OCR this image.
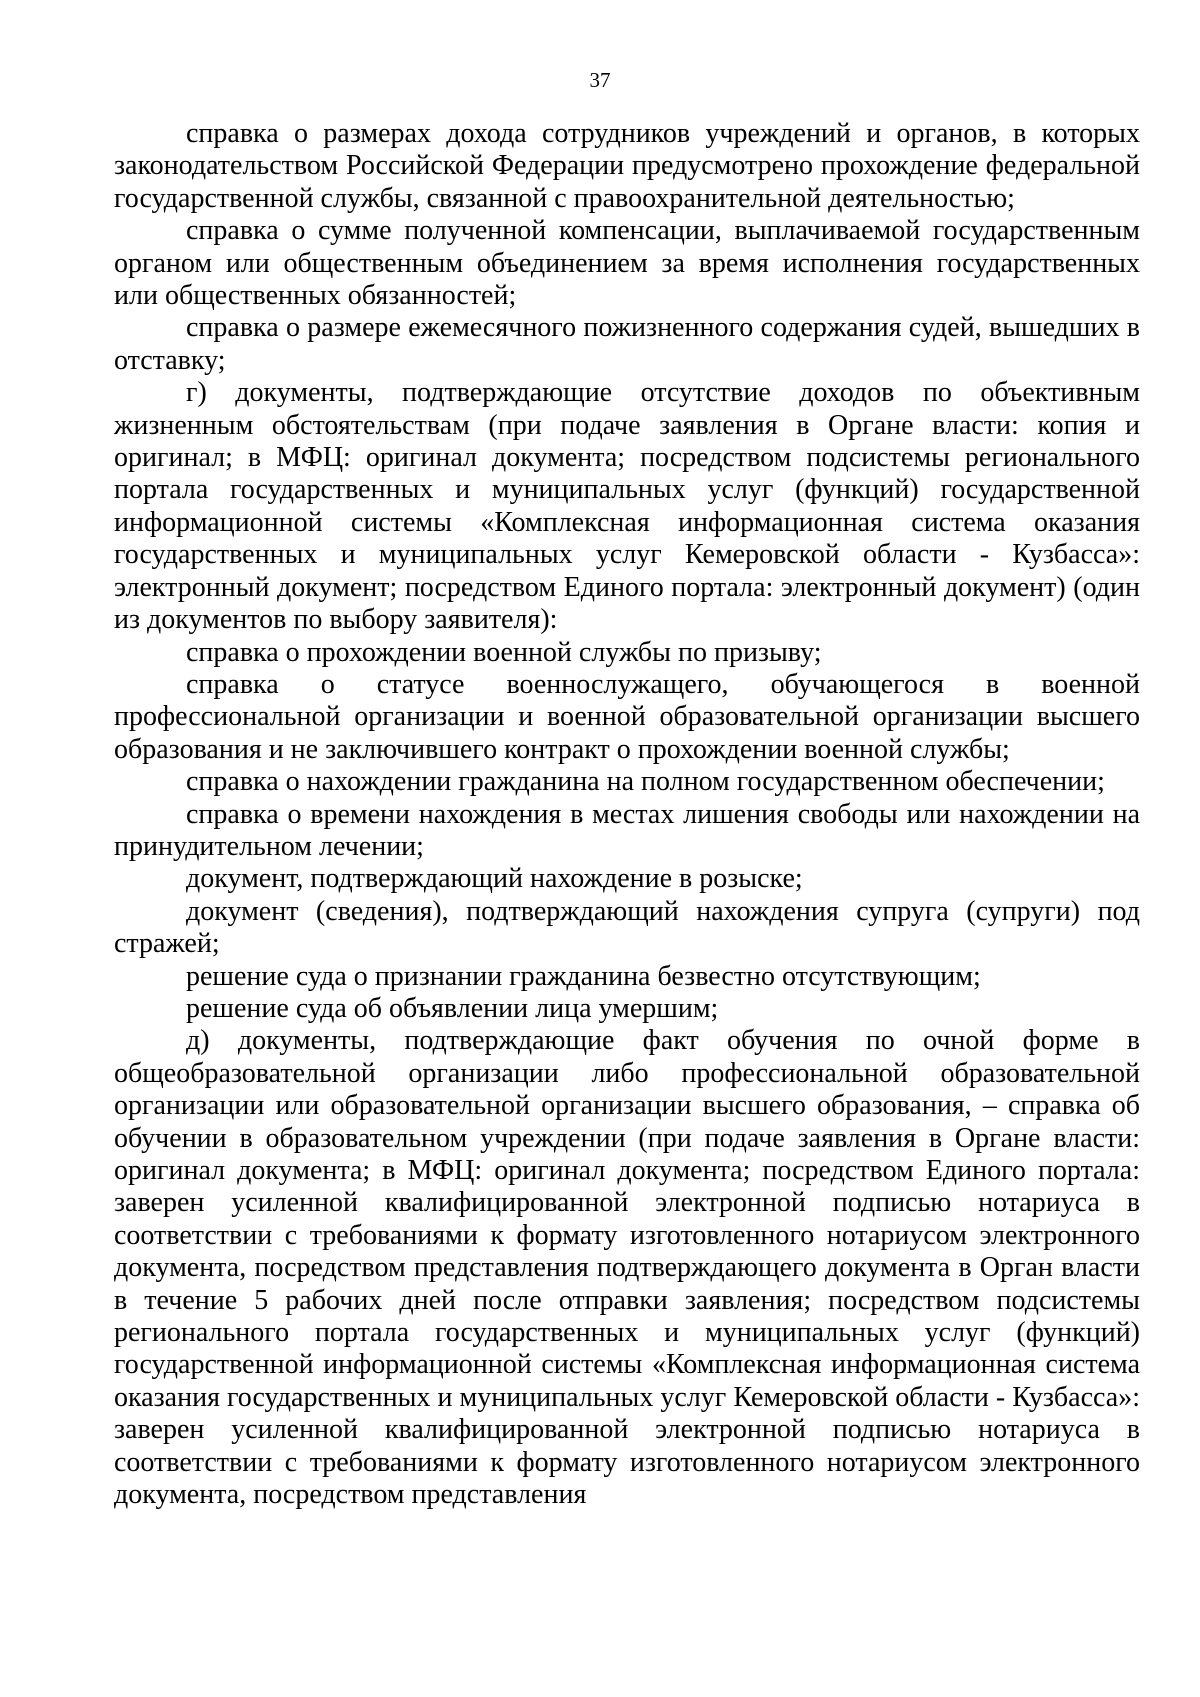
37

справка о размерах дохода сотрудников учреждений и органов, в которых законодательством Российской Федерации предусмотрено прохождение федеральной государственной службы, связанной с правоохранительной деятельностью;

справка о сумме полученной компенсации, выплачиваемой государственным органом или общественным объединением за время исполнения государственных или общественных обязанностей;

справка о размере ежемесячного пожизненного содержания судей, вышедших в отставку;

г) документы, подтверждающие отсутствие доходов по объективным жизненным обстоятельствам (при подаче заявления в Органе власти: копия и оригинал; в МФЦ: оригинал документа; посредством подсистемы регионального портала государственных и муниципальных услуг (функций) государственной информационной системы «Комплексная информационная система оказания государственных и муниципальных услуг Кемеровской области - Кузбасса»: электронный документ; посредством Единого портала: электронный документ) (один из документов по выбору заявителя):

справка о прохождении военной службы по призыву;

справка о статусе военнослужащего, обучающегося в военной профессиональной организации и военной образовательной организации высшего образования и не заключившего контракт о прохождении военной службы;

справка о нахождении гражданина на полном государственном обеспечении;

справка о времени нахождения в местах лишения свободы или нахождении на принудительном лечении;

документ, подтверждающий нахождение в розыске;

документ (сведения), подтверждающий нахождения супруга (супруги) под стражей;

решение суда о признании гражданина безвестно отсутствующим;

решение суда об объявлении лица умершим;

д) документы, подтверждающие факт обучения по очной форме в общеобразовательной организации либо профессиональной образовательной организации или образовательной организации высшего образования, – справка об обучении в образовательном учреждении (при подаче заявления в Органе власти: оригинал документа; в МФЦ: оригинал документа; посредством Единого портала: заверен усиленной квалифицированной электронной подписью нотариуса в соответствии с требованиями к формату изготовленного нотариусом электронного документа, посредством представления подтверждающего документа в Орган власти в течение 5 рабочих дней после отправки заявления; посредством подсистемы регионального портала государственных и муниципальных услуг (функций) государственной информационной системы «Комплексная информационная система оказания государственных и муниципальных услуг Кемеровской области - Кузбасса»: заверен усиленной квалифицированной электронной подписью нотариуса в соответствии с требованиями к формату изготовленного нотариусом электронного документа, посредством представления
